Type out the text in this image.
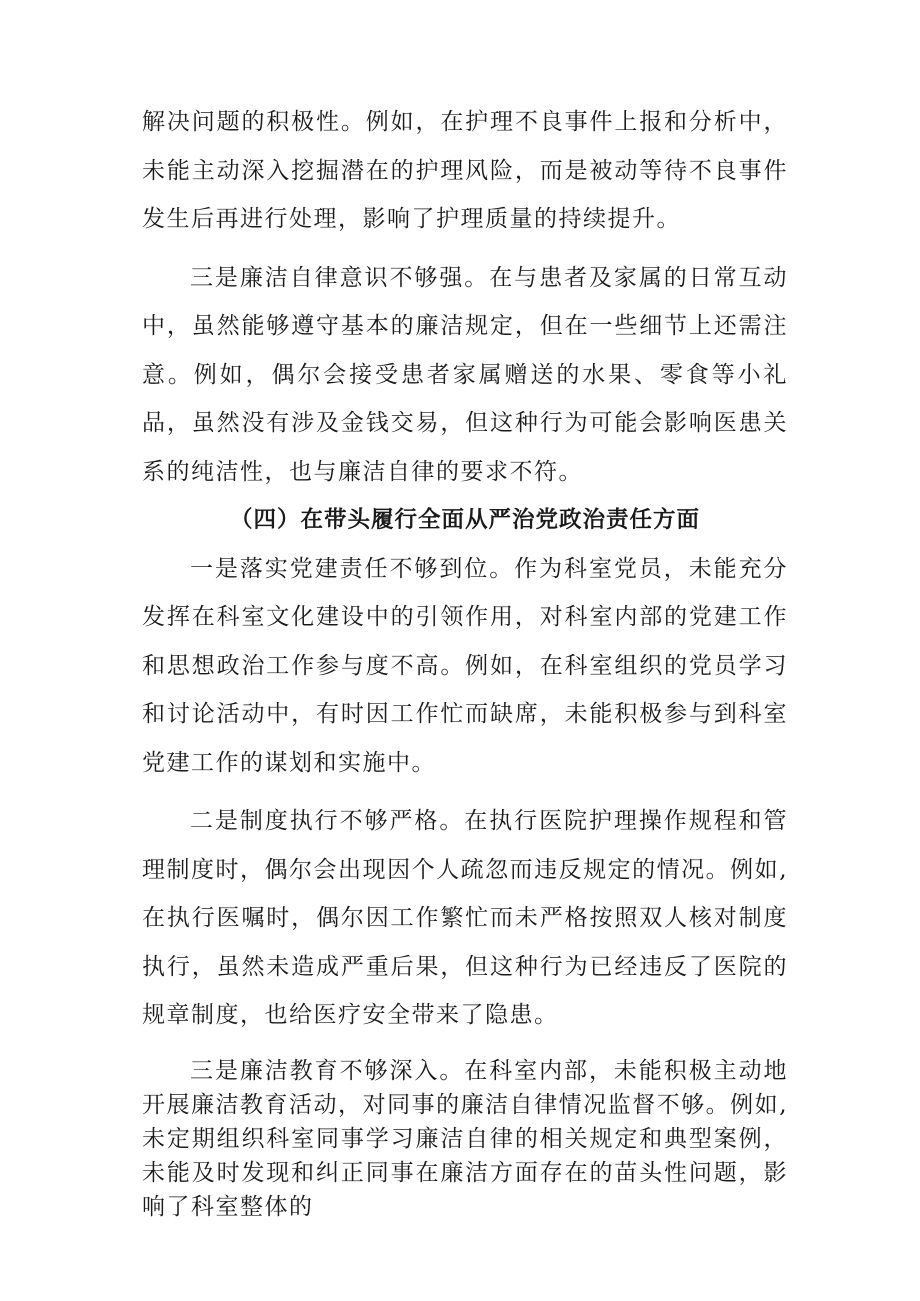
解决问题的积极性。例如，在护理不良事件上报和分析中，未能主动深入挖掘潜在的护理风险，而是被动等待不良事件发生后再进行处理，影响了护理质量的持续提升。

三是廉洁自律意识不够强。在与患者及家属的日常互动中，虽然能够遵守基本的廉洁规定，但在一些细节上还需注意。例如，偶尔会接受患者家属赠送的水果、零食等小礼品，虽然没有涉及金钱交易，但这种行为可能会影响医患关系的纯洁性，也与廉洁自律的要求不符。

（四）在带头履行全面从严治党政治责任方面

一是落实党建责任不够到位。作为科室党员，未能充分发挥在科室文化建设中的引领作用，对科室内部的党建工作和思想政治工作参与度不高。例如，在科室组织的党员学习和讨论活动中，有时因工作忙而缺席，未能积极参与到科室党建工作的谋划和实施中。

二是制度执行不够严格。在执行医院护理操作规程和管理制度时，偶尔会出现因个人疏忽而违反规定的情况。例如,在执行医嘱时，偶尔因工作繁忙而未严格按照双人核对制度执行，虽然未造成严重后果，但这种行为已经违反了医院的规章制度，也给医疗安全带来了隐患。

三是廉洁教育不够深入。在科室内部，未能积极主动地开展廉洁教育活动，对同事的廉洁自律情况监督不够。例如,未定期组织科室同事学习廉洁自律的相关规定和典型案例，未能及时发现和纠正同事在廉洁方面存在的苗头性问题，影响了科室整体的
